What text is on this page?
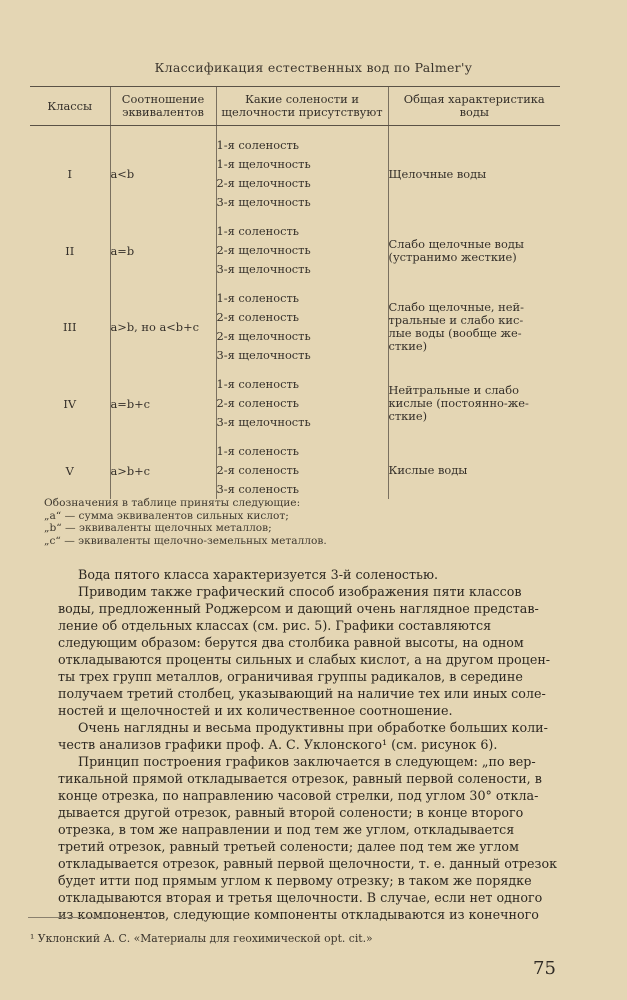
Классификация естественных вод по Palmer'у
Классы	Соотношение эквивалентов	Какие солености и щелочности присутствуют	Общая характеристика воды

I	a<b	1-я соленость
1-я щелочность
2-я щелочность
3-я щелочность	Щелочные воды

II	a=b	1-я соленость
2-я щелочность
3-я щелочность	Слабо щелочные воды
(устранимо жесткие)

III	a>b, но a<b+c	1-я соленость
2-я соленость
2-я щелочность
3-я щелочность	Слабо щелочные, ней-
тральные и слабо кис-
лые воды (вообще же-
сткие)

IV	a=b+c	1-я соленость
2-я соленость
3-я щелочность	Нейтральные и слабо
кислые (постоянно-же-
сткие)

V	a>b+c	1-я соленость
2-я соленость
3-я соленость	Кислые воды
Обозначения в таблице приняты следующие:
„a“ — сумма эквивалентов сильных кислот;
„b“ — эквиваленты щелочных металлов;
„c“ — эквиваленты щелочно-земельных металлов.

Вода пятого класса характеризуется 3-й соленостью.

Приводим также графический способ изображения пяти классов

воды, предложенный Роджерсом и дающий очень наглядное представ-

ление об отдельных классах (см. рис. 5). Графики составляются

следующим образом: берутся два столбика равной высоты, на одном

откладываются проценты сильных и слабых кислот, а на другом процен-

ты трех групп металлов, ограничивая группы радикалов, в середине

получаем третий столбец, указывающий на наличие тех или иных соле-

ностей и щелочностей и их количественное соотношение.

Очень наглядны и весьма продуктивны при обработке больших коли-

честв анализов графики проф. А. С. Уклонского¹ (см. рисунок 6).

Принцип построения графиков заключается в следующем: „по вер-

тикальной прямой откладывается отрезок, равный первой солености, в

конце отрезка, по направлению часовой стрелки, под углом 30° откла-

дывается другой отрезок, равный второй солености; в конце второго

отрезка, в том же направлении и под тем же углом, откладывается

третий отрезок, равный третьей солености; далее под тем же углом

откладывается отрезок, равный первой щелочности, т. е. данный отрезок

будет итти под прямым углом к первому отрезку; в таком же порядке

откладываются вторая и третья щелочности. В случае, если нет одного

из компонентов, следующие компоненты откладываются из конечного

¹ Уклонский А. С. «Материалы для геохимической opt. cit.»
75
